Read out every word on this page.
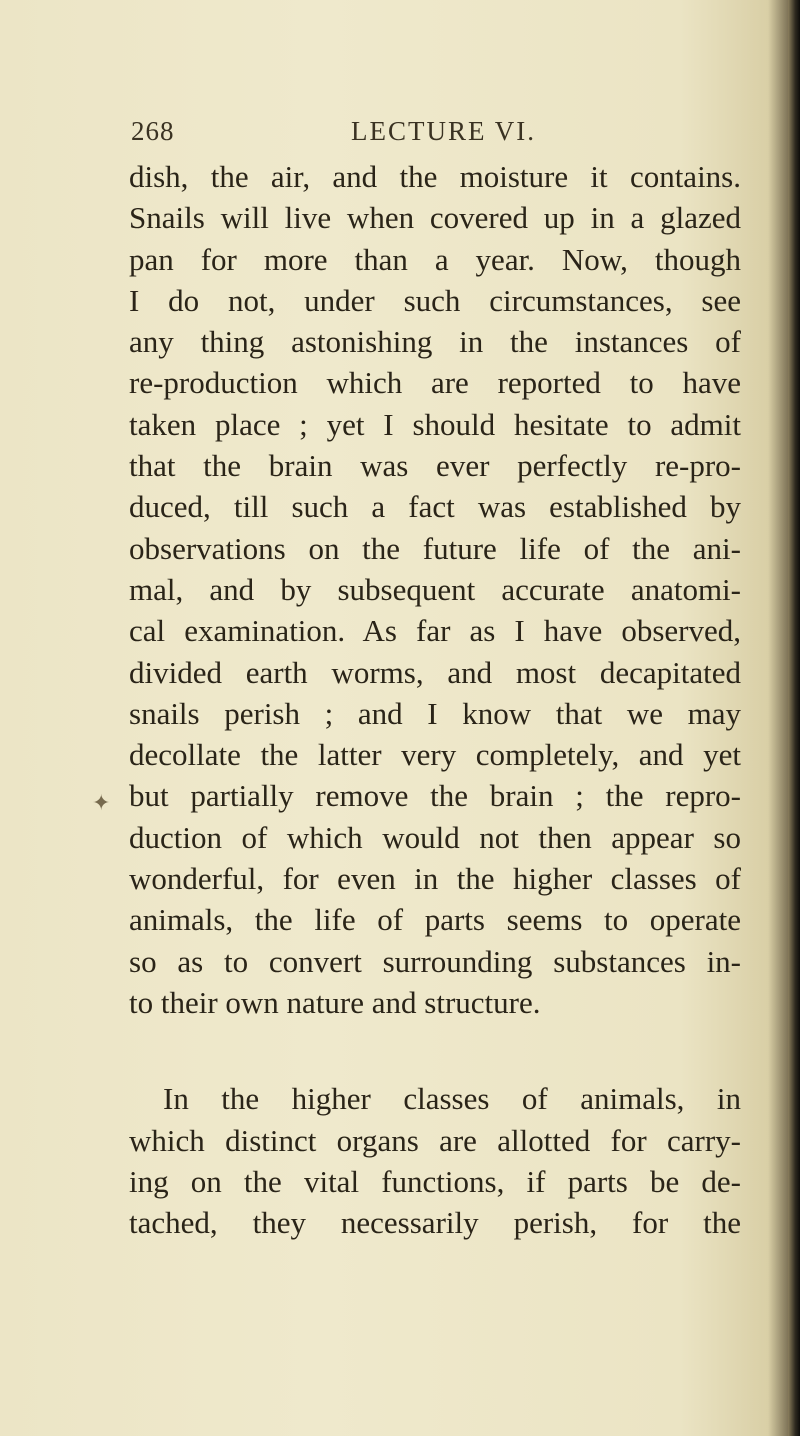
268	LECTURE VI.
✦
dish, the air, and the moisture it contains.
Snails will live when covered up in a glazed
pan for more than a year. Now, though
I do not, under such circumstances, see
any thing astonishing in the instances of
re-production which are reported to have
taken place ; yet I should hesitate to admit
that the brain was ever perfectly re-pro-
duced, till such a fact was established by
observations on the future life of the ani-
mal, and by subsequent accurate anatomi-
cal examination. As far as I have observed,
divided earth worms, and most decapitated
snails perish ; and I know that we may
decollate the latter very completely, and yet
but partially remove the brain ; the repro-
duction of which would not then appear so
wonderful, for even in the higher classes of
animals, the life of parts seems to operate
so as to convert surrounding substances in-
to their own nature and structure.
In the higher classes of animals, in
which distinct organs are allotted for carry-
ing on the vital functions, if parts be de-
tached, they necessarily perish, for the
